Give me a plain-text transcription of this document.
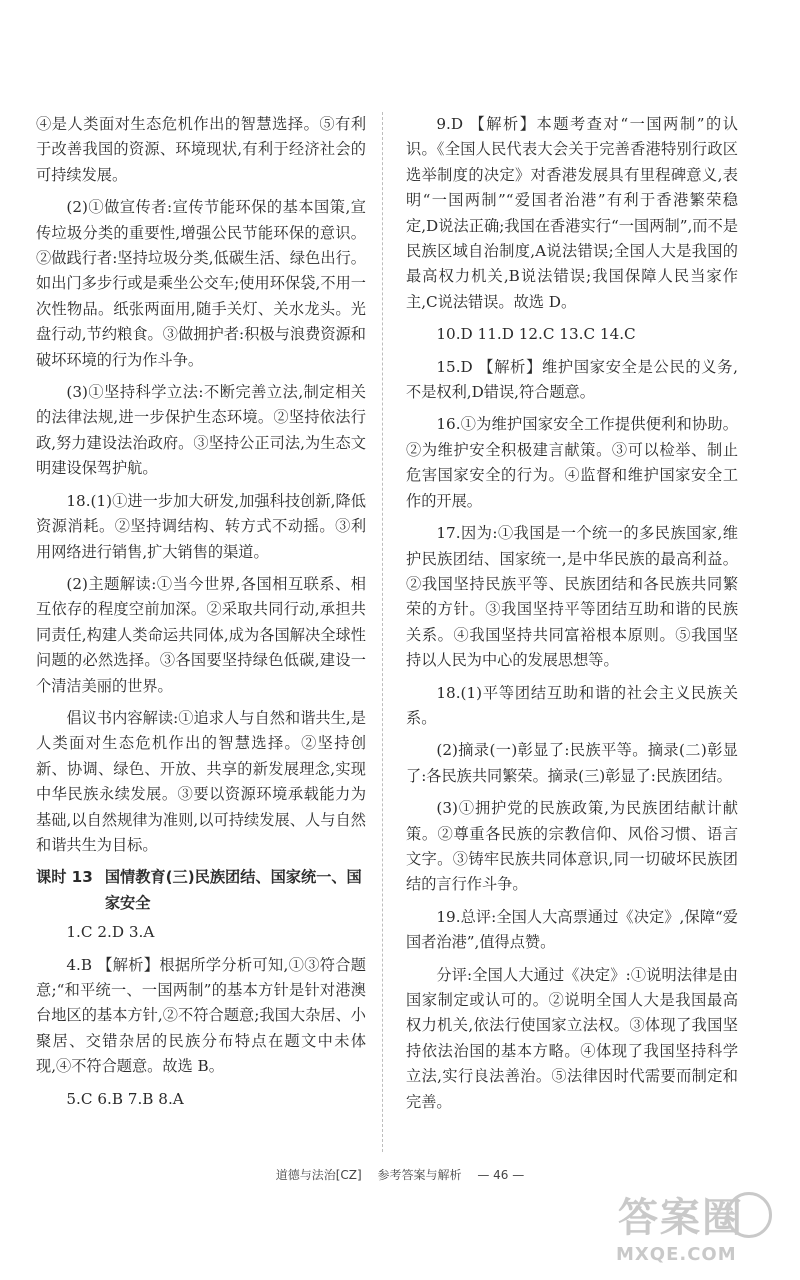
④是人类面对生态危机作出的智慧选择。⑤有利于改善我国的资源、环境现状,有利于经济社会的可持续发展。

(2)①做宣传者:宣传节能环保的基本国策,宣传垃圾分类的重要性,增强公民节能环保的意识。②做践行者:坚持垃圾分类,低碳生活、绿色出行。如出门多步行或是乘坐公交车;使用环保袋,不用一次性物品。纸张两面用,随手关灯、关水龙头。光盘行动,节约粮食。③做拥护者:积极与浪费资源和破坏环境的行为作斗争。

(3)①坚持科学立法:不断完善立法,制定相关的法律法规,进一步保护生态环境。②坚持依法行政,努力建设法治政府。③坚持公正司法,为生态文明建设保驾护航。

18.(1)①进一步加大研发,加强科技创新,降低资源消耗。②坚持调结构、转方式不动摇。③利用网络进行销售,扩大销售的渠道。

(2)主题解读:①当今世界,各国相互联系、相互依存的程度空前加深。②采取共同行动,承担共同责任,构建人类命运共同体,成为各国解决全球性问题的必然选择。③各国要坚持绿色低碳,建设一个清洁美丽的世界。

倡议书内容解读:①追求人与自然和谐共生,是人类面对生态危机作出的智慧选择。②坚持创新、协调、绿色、开放、共享的新发展理念,实现中华民族永续发展。③要以资源环境承载能力为基础,以自然规律为准则,以可持续发展、人与自然和谐共生为目标。

课时 13 国情教育(三)民族团结、国家统一、国家安全

1.C 2.D 3.A

4.B 【解析】根据所学分析可知,①③符合题意;“和平统一、一国两制”的基本方针是针对港澳台地区的基本方针,②不符合题意;我国大杂居、小聚居、交错杂居的民族分布特点在题文中未体现,④不符合题意。故选 B。

5.C 6.B 7.B 8.A

9.D 【解析】本题考查对“一国两制”的认识。《全国人民代表大会关于完善香港特别行政区选举制度的决定》对香港发展具有里程碑意义,表明“一国两制”“爱国者治港”有利于香港繁荣稳定,D说法正确;我国在香港实行“一国两制”,而不是民族区域自治制度,A说法错误;全国人大是我国的最高权力机关,B说法错误;我国保障人民当家作主,C说法错误。故选 D。

10.D 11.D 12.C 13.C 14.C

15.D 【解析】维护国家安全是公民的义务,不是权利,D错误,符合题意。

16.①为维护国家安全工作提供便利和协助。②为维护安全积极建言献策。③可以检举、制止危害国家安全的行为。④监督和维护国家安全工作的开展。

17.因为:①我国是一个统一的多民族国家,维护民族团结、国家统一,是中华民族的最高利益。②我国坚持民族平等、民族团结和各民族共同繁荣的方针。③我国坚持平等团结互助和谐的民族关系。④我国坚持共同富裕根本原则。⑤我国坚持以人民为中心的发展思想等。

18.(1)平等团结互助和谐的社会主义民族关系。

(2)摘录(一)彰显了:民族平等。摘录(二)彰显了:各民族共同繁荣。摘录(三)彰显了:民族团结。

(3)①拥护党的民族政策,为民族团结献计献策。②尊重各民族的宗教信仰、风俗习惯、语言文字。③铸牢民族共同体意识,同一切破坏民族团结的言行作斗争。

19.总评:全国人大高票通过《决定》,保障“爱国者治港”,值得点赞。

分评:全国人大通过《决定》:①说明法律是由国家制定或认可的。②说明全国人大是我国最高权力机关,依法行使国家立法权。③体现了我国坚持依法治国的基本方略。④体现了我国坚持科学立法,实行良法善治。⑤法律因时代需要而制定和完善。

道德与法治[CZ] 参考答案与解析 — 46 —
答案圈
MXQE.COM
